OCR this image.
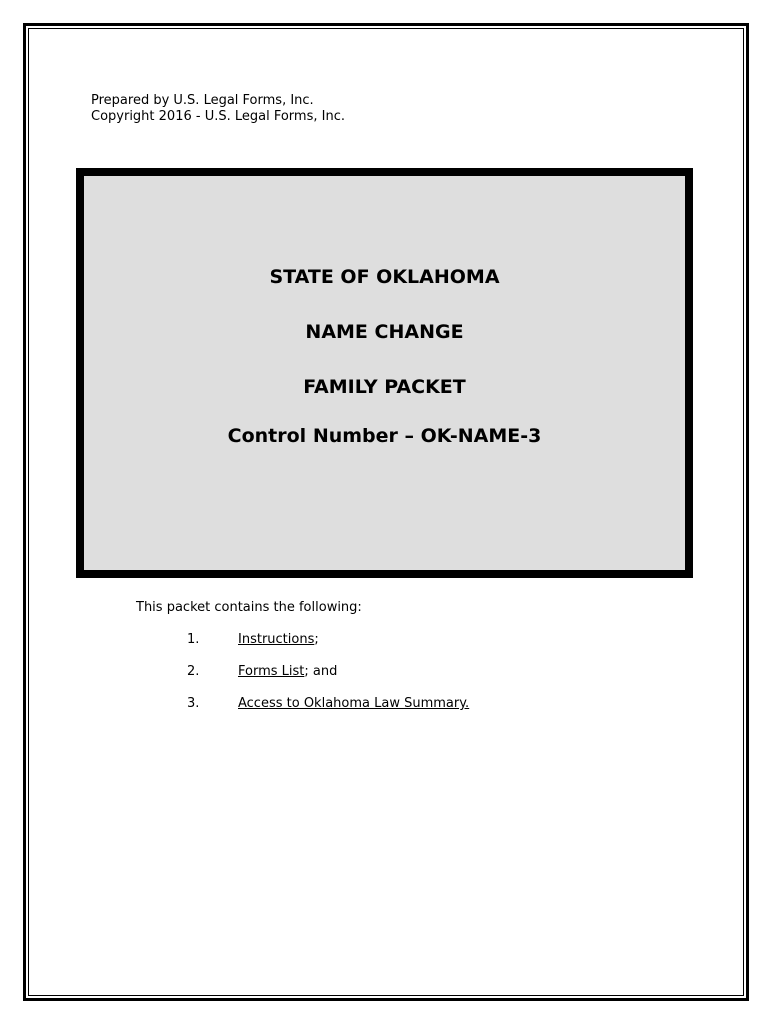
Prepared by U.S. Legal Forms, Inc.
Copyright 2016 - U.S. Legal Forms, Inc.
STATE OF OKLAHOMA
NAME CHANGE
FAMILY PACKET
Control Number – OK-NAME-3
This packet contains the following:
1.	Instructions;
2.	Forms List; and
3.	Access to Oklahoma Law Summary.
